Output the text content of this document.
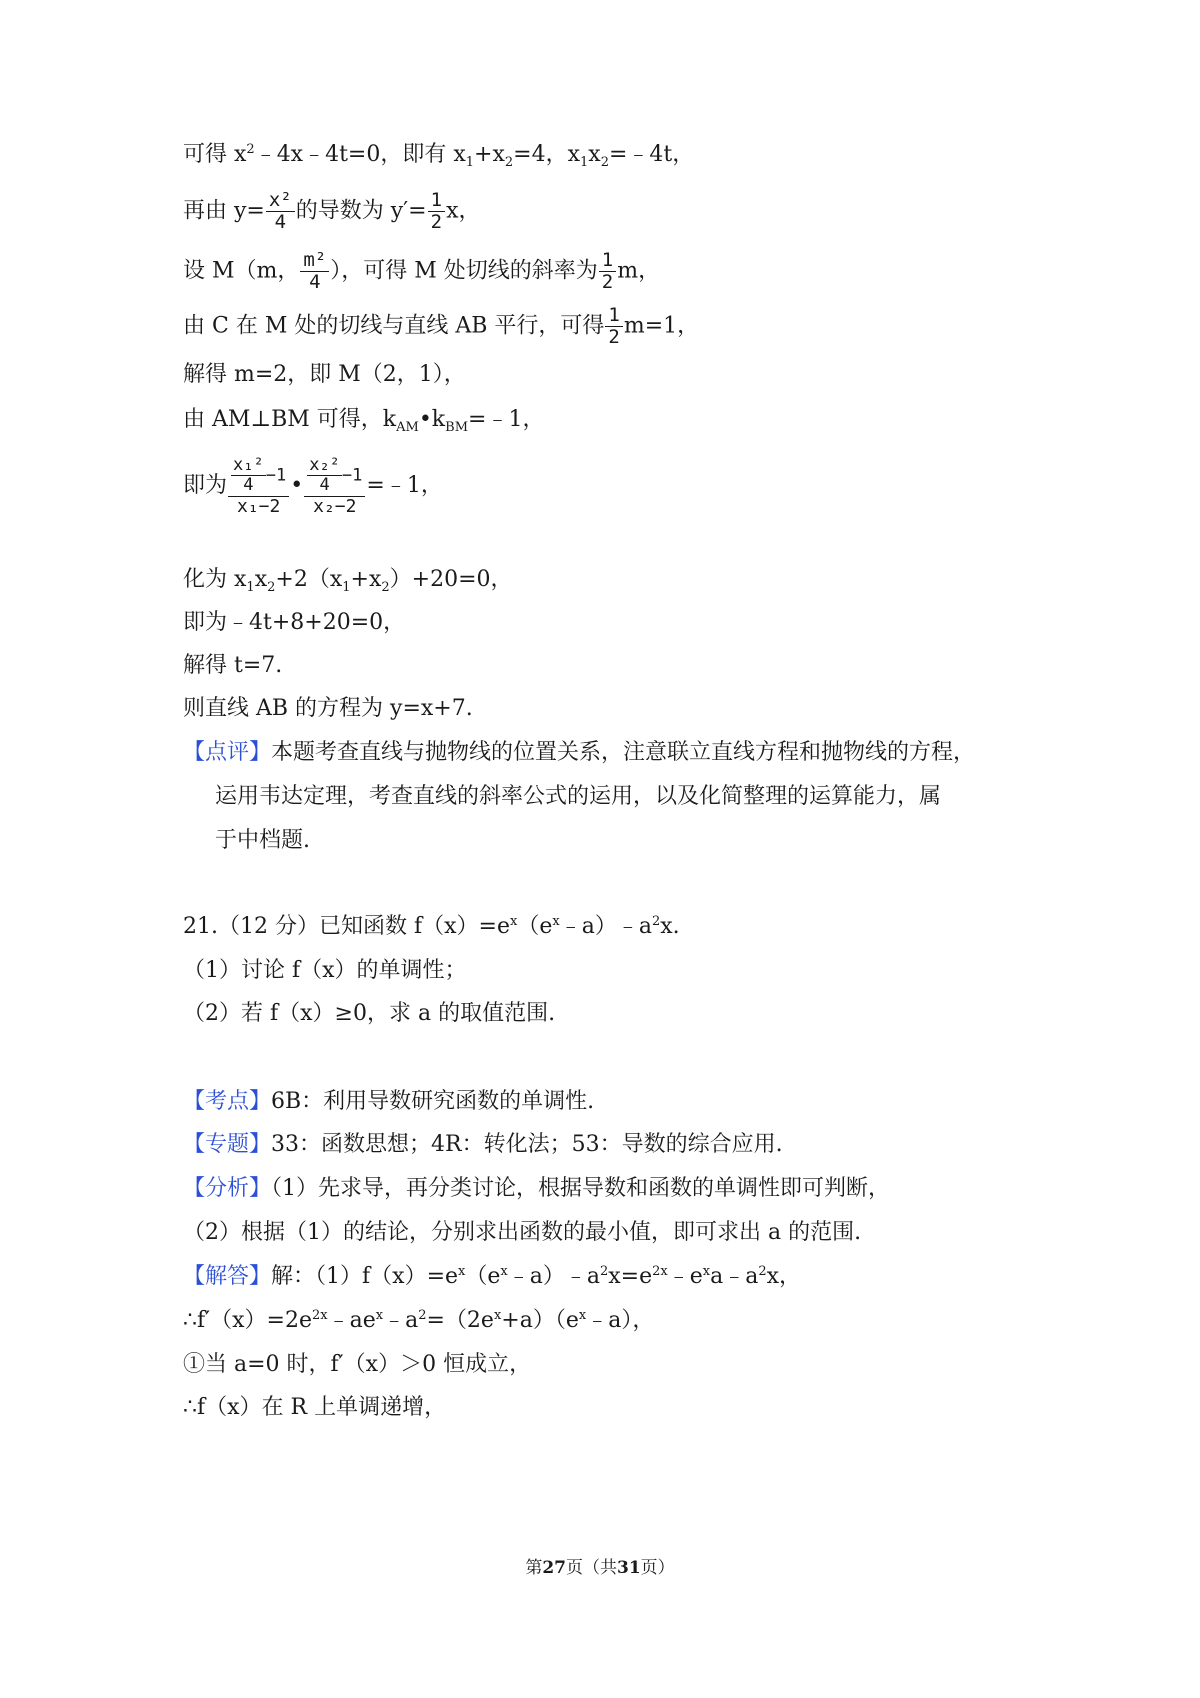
可得 $x^2﹣4x﹣4t=0$，即有 $x_1+x_2=4$，$x_1x_2=﹣4t$，
再由 $y= \frac{\text{x²}}{4}$ 的导数为 $y'= \frac{1}{2}$ x，
设 M（m， $\frac{\text{m²}}{4}$ ），可得 M 处切线的斜率为 $\frac{1}{2}$ m，
由 C 在 M 处的切线与直线 AB 平行，可得 $\frac{1}{2} m=1$，
解得 m=2，即 M（2，1），
由 AM⊥BM 可得，$k_{AM}•k_{BM}=﹣1$，
即为 $\frac{\frac{\text{x₁²}}{4} -1}{\text{x₁−2}}$ • $\frac{\frac{\text{x₂²}}{4} -1}{\text{x₂−2}}$ =﹣1，
化为 $x_1x_2+2(x_1+x_2)+20=0$，
即为﹣4t+8+20=0，
解得 t=7.
则直线 AB 的方程为 y=x+7.
【点评】本题考查直线与抛物线的位置关系，注意联立直线方程和抛物线的方程，
运用韦达定理，考查直线的斜率公式的运用，以及化简整理的运算能力，属
于中档题.
21.（12 分）已知函数 $f(x)=e^x(e^x﹣a)﹣a^2x$.
（1）讨论 f（x）的单调性；
（2）若 f（x）≥0，求 a 的取值范围.
【考点】6B：利用导数研究函数的单调性.
【专题】33：函数思想；4R：转化法；53：导数的综合应用.
【分析】（1）先求导，再分类讨论，根据导数和函数的单调性即可判断，
（2）根据（1）的结论，分别求出函数的最小值，即可求出 a 的范围.
【解答】解：$(1)f(x)=e^x(e^x﹣a)﹣a^2x=e^{2x}﹣e^xa﹣a^2x$，
$\therefore f'(x)=2e^{2x}﹣ae^x﹣a^2=(2e^x+a)(e^x﹣a)$，
①当 a=0 时，f′（x）＞0 恒成立，
∴f（x）在 R 上单调递增，
第27页（共31页）
